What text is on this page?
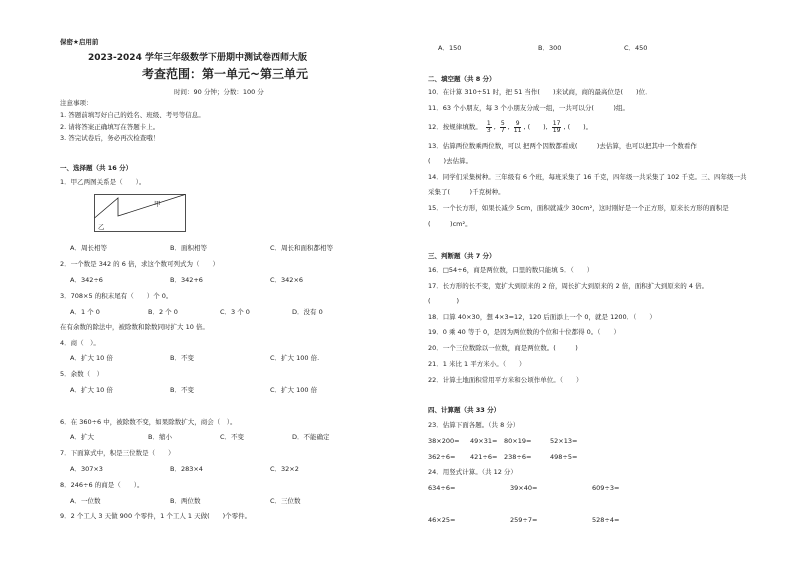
保密★启用前
2023-2024 学年三年级数学下册期中测试卷西师大版
考查范围：第一单元~第三单元
时间：90 分钟；分数：100 分
注意事项：
1. 答题前填写好自己的姓名、班级、考号等信息。
2. 请将答案正确填写在答题卡上。
3. 答完试卷后，务必再次检查哦！
一、选择题（共 16 分）
1．甲乙两图关系是（　　）。
甲
乙
A．周长相等	B．面积相等	C．周长和面积都相等
2．一个数是 342 的 6 倍，求这个数可列式为（　　）
A．342÷6	B．342+6	C．342×6
3．708×5 的积末尾有（　　）个 0。
A．1 个 0	B．2 个 0	C．3 个 0	D．没有 0
在有余数的除法中，被除数和除数同时扩大 10 倍。
4．商（　）。
A．扩大 10 倍	B．不变	C．扩大 100 倍.
5．余数（　）
A．扩大 10 倍	B．不变	C．扩大 100 倍
6．在 360÷6 中，被除数不变，如果除数扩大，商会（　）。
A．扩大	B．缩小	C．不变	D．不能确定
7．下面算式中，积是三位数是（　　）
A．307×3	B．283×4	C．32×2
8．246÷6 的商是（　　）。
A．一位数	B．两位数	C．三位数
9．2 个工人 3 天做 900 个零件，1 个工人 1 天做(　　)个零件。
A．150	B．300	C．450
二、填空题（共 8 分）
10．在计算 310÷51 时，把 51 当作(　　)来试商，商的最高位是(　　)位．
11．63 个小朋友，每 3 个小朋友分成一组，一共可以分(　　　)组。
12．按规律填数。 $\frac{1}{3}$ , $\frac{5}{7}$ , $\frac{9}{11}$ , (　　), $\frac{17}{19}$ , (　　)。
13．估算两位数乘两位数，可以 把两个因数都看成(　　　)去估算，也可以把其中一个数看作
(　　)去估算。
14．同学们采集树种。三年级有 6 个班，每班采集了 16 千克，四年级一共采集了 102 千克。三、四年级一共
采集了(　　　)千克树种。
15．一个长方形，如果长减少 5cm，面积就减少 30cm²，这时刚好是一个正方形，原来长方形的面积是
(　　　)cm²。
三、判断题（共 7 分）
16．□54÷6，商是两位数，口里的数只能填 5．（　　）
17．长方形的长不变，宽扩大到原来的 2 倍，周长扩大到原来的 2 倍，面积扩大到原来的 4 倍。
(　　　　)
18．口算 40×30，想 4×3=12，120 后面添上一个 0，就是 1200．（　　）
19．0 乘 40 等于 0，是因为两位数的个位和十位都得 0。（　　）
20．一个三位数除以一位数，商是两位数。(　　　)
21．1 米比 1 平方米小。（　　）
22．计算土地面积常用平方米和公顷作单位。（　　）
四、计算题（共 33 分）
23．估算下面各题。（共 8 分）
38×200= 49×31= 80×19=	52×13=
362÷6= 421÷6= 238÷6=	498÷5=
24．用竖式计算。（共 12 分）
634÷6=	39×40=	609÷3=
46×25=	259÷7=	528÷4=
